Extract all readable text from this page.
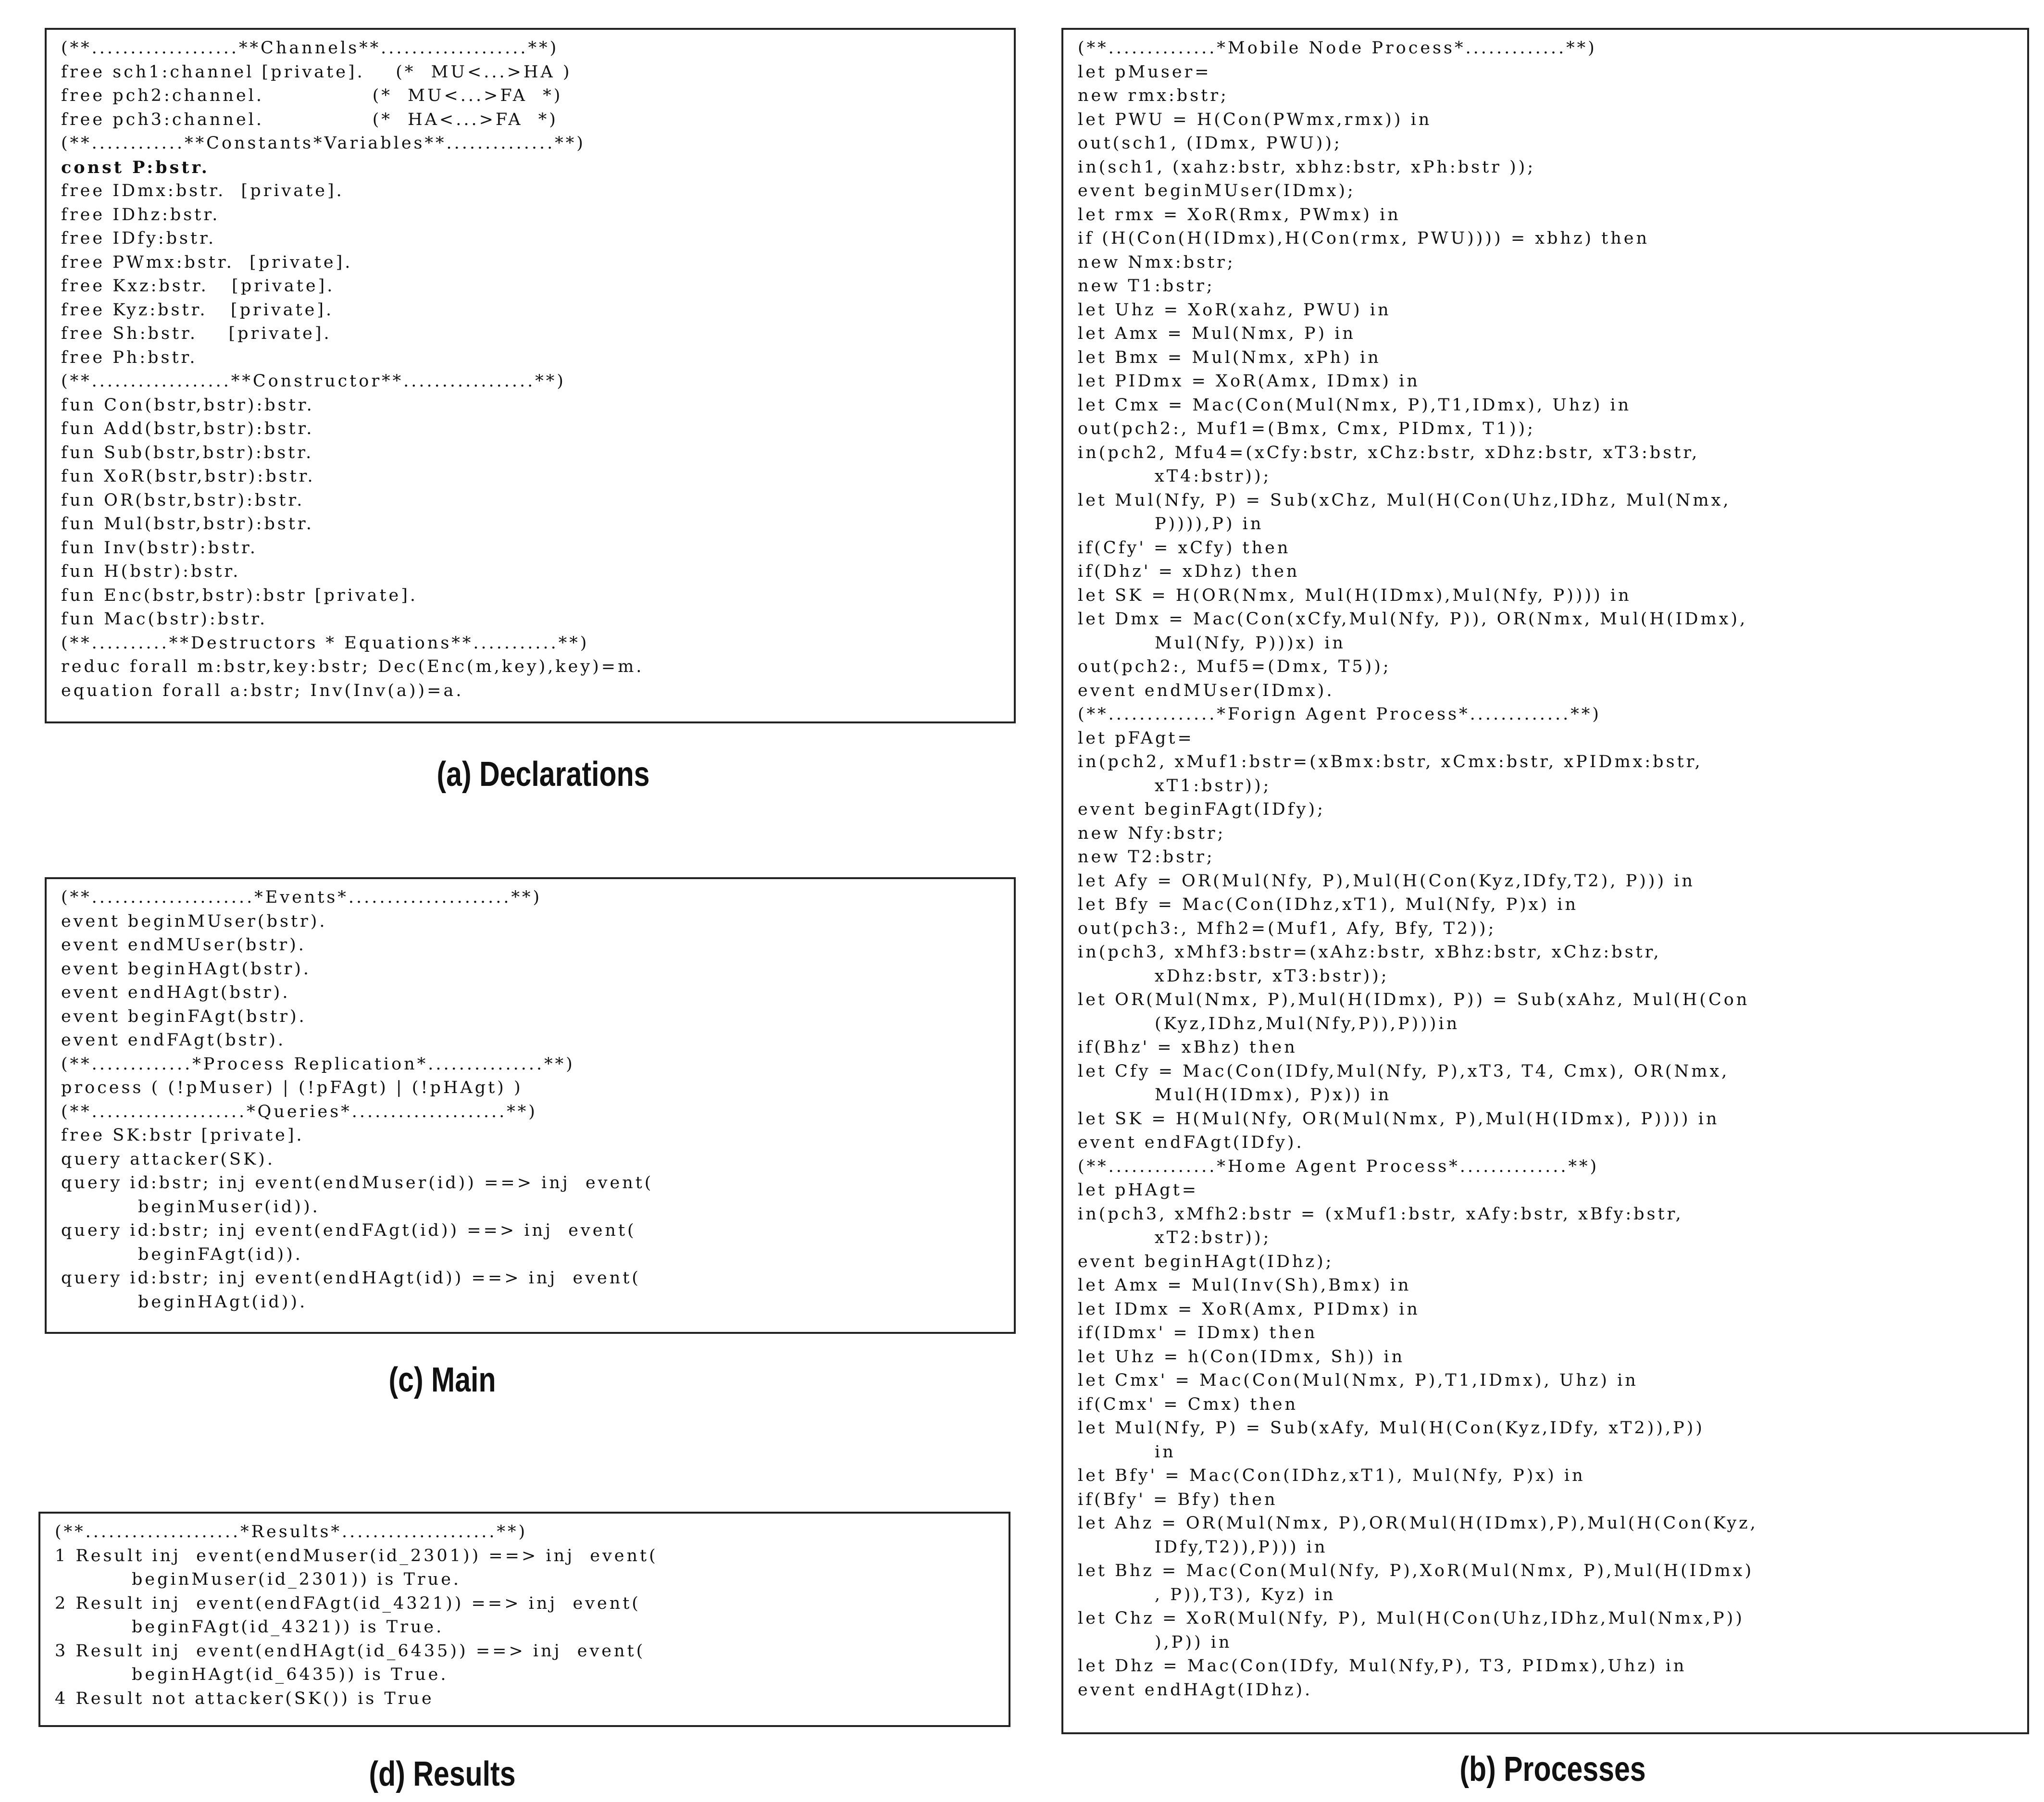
(**...................**Channels**...................**)
free sch1:channel [private].    (*  MU<...>HA )
free pch2:channel.              (*  MU<...>FA  *)
free pch3:channel.              (*  HA<...>FA  *)
(**............**Constants*Variables**..............**)
const P:bstr.
free IDmx:bstr.  [private].
free IDhz:bstr.
free IDfy:bstr.
free PWmx:bstr.  [private].
free Kxz:bstr.   [private].
free Kyz:bstr.   [private].
free Sh:bstr.    [private].
free Ph:bstr.
(**..................**Constructor**.................**)
fun Con(bstr,bstr):bstr.
fun Add(bstr,bstr):bstr.
fun Sub(bstr,bstr):bstr.
fun XoR(bstr,bstr):bstr.
fun OR(bstr,bstr):bstr.
fun Mul(bstr,bstr):bstr.
fun Inv(bstr):bstr.
fun H(bstr):bstr.
fun Enc(bstr,bstr):bstr [private].
fun Mac(bstr):bstr.
(**..........**Destructors * Equations**...........**)
reduc forall m:bstr,key:bstr; Dec(Enc(m,key),key)=m.
equation forall a:bstr; Inv(Inv(a))=a.
(a) Declarations
(**.....................*Events*.....................**)
event beginMUser(bstr).
event endMUser(bstr).
event beginHAgt(bstr).
event endHAgt(bstr).
event beginFAgt(bstr).
event endFAgt(bstr).
(**.............*Process Replication*...............**)
process ( (!pMuser) | (!pFAgt) | (!pHAgt) )
(**....................*Queries*....................**)
free SK:bstr [private].
query attacker(SK).
query id:bstr; inj event(endMuser(id)) ==> inj  event(
beginMuser(id)).
query id:bstr; inj event(endFAgt(id)) ==> inj  event(
beginFAgt(id)).
query id:bstr; inj event(endHAgt(id)) ==> inj  event(
beginHAgt(id)).
(c) Main
(**....................*Results*....................**)
1 Result inj  event(endMuser(id_2301)) ==> inj  event(
beginMuser(id_2301)) is True.
2 Result inj  event(endFAgt(id_4321)) ==> inj  event(
beginFAgt(id_4321)) is True.
3 Result inj  event(endHAgt(id_6435)) ==> inj  event(
beginHAgt(id_6435)) is True.
4 Result not attacker(SK()) is True
(d) Results
(**..............*Mobile Node Process*.............**)
let pMuser=
new rmx:bstr;
let PWU = H(Con(PWmx,rmx)) in
out(sch1, (IDmx, PWU));
in(sch1, (xahz:bstr, xbhz:bstr, xPh:bstr ));
event beginMUser(IDmx);
let rmx = XoR(Rmx, PWmx) in
if (H(Con(H(IDmx),H(Con(rmx, PWU)))) = xbhz) then
new Nmx:bstr;
new T1:bstr;
let Uhz = XoR(xahz, PWU) in
let Amx = Mul(Nmx, P) in
let Bmx = Mul(Nmx, xPh) in
let PIDmx = XoR(Amx, IDmx) in
let Cmx = Mac(Con(Mul(Nmx, P),T1,IDmx), Uhz) in
out(pch2:, Muf1=(Bmx, Cmx, PIDmx, T1));
in(pch2, Mfu4=(xCfy:bstr, xChz:bstr, xDhz:bstr, xT3:bstr,
xT4:bstr));
let Mul(Nfy, P) = Sub(xChz, Mul(H(Con(Uhz,IDhz, Mul(Nmx,
P)))),P) in
if(Cfy' = xCfy) then
if(Dhz' = xDhz) then
let SK = H(OR(Nmx, Mul(H(IDmx),Mul(Nfy, P)))) in
let Dmx = Mac(Con(xCfy,Mul(Nfy, P)), OR(Nmx, Mul(H(IDmx),
Mul(Nfy, P)))x) in
out(pch2:, Muf5=(Dmx, T5));
event endMUser(IDmx).
(**..............*Forign Agent Process*.............**)
let pFAgt=
in(pch2, xMuf1:bstr=(xBmx:bstr, xCmx:bstr, xPIDmx:bstr,
xT1:bstr));
event beginFAgt(IDfy);
new Nfy:bstr;
new T2:bstr;
let Afy = OR(Mul(Nfy, P),Mul(H(Con(Kyz,IDfy,T2), P))) in
let Bfy = Mac(Con(IDhz,xT1), Mul(Nfy, P)x) in
out(pch3:, Mfh2=(Muf1, Afy, Bfy, T2));
in(pch3, xMhf3:bstr=(xAhz:bstr, xBhz:bstr, xChz:bstr,
xDhz:bstr, xT3:bstr));
let OR(Mul(Nmx, P),Mul(H(IDmx), P)) = Sub(xAhz, Mul(H(Con
(Kyz,IDhz,Mul(Nfy,P)),P)))in
if(Bhz' = xBhz) then
let Cfy = Mac(Con(IDfy,Mul(Nfy, P),xT3, T4, Cmx), OR(Nmx,
Mul(H(IDmx), P)x)) in
let SK = H(Mul(Nfy, OR(Mul(Nmx, P),Mul(H(IDmx), P)))) in
event endFAgt(IDfy).
(**..............*Home Agent Process*..............**)
let pHAgt=
in(pch3, xMfh2:bstr = (xMuf1:bstr, xAfy:bstr, xBfy:bstr,
xT2:bstr));
event beginHAgt(IDhz);
let Amx = Mul(Inv(Sh),Bmx) in
let IDmx = XoR(Amx, PIDmx) in
if(IDmx' = IDmx) then
let Uhz = h(Con(IDmx, Sh)) in
let Cmx' = Mac(Con(Mul(Nmx, P),T1,IDmx), Uhz) in
if(Cmx' = Cmx) then
let Mul(Nfy, P) = Sub(xAfy, Mul(H(Con(Kyz,IDfy, xT2)),P))
in
let Bfy' = Mac(Con(IDhz,xT1), Mul(Nfy, P)x) in
if(Bfy' = Bfy) then
let Ahz = OR(Mul(Nmx, P),OR(Mul(H(IDmx),P),Mul(H(Con(Kyz,
IDfy,T2)),P))) in
let Bhz = Mac(Con(Mul(Nfy, P),XoR(Mul(Nmx, P),Mul(H(IDmx)
, P)),T3), Kyz) in
let Chz = XoR(Mul(Nfy, P), Mul(H(Con(Uhz,IDhz,Mul(Nmx,P))
),P)) in
let Dhz = Mac(Con(IDfy, Mul(Nfy,P), T3, PIDmx),Uhz) in
event endHAgt(IDhz).
(b) Processes
